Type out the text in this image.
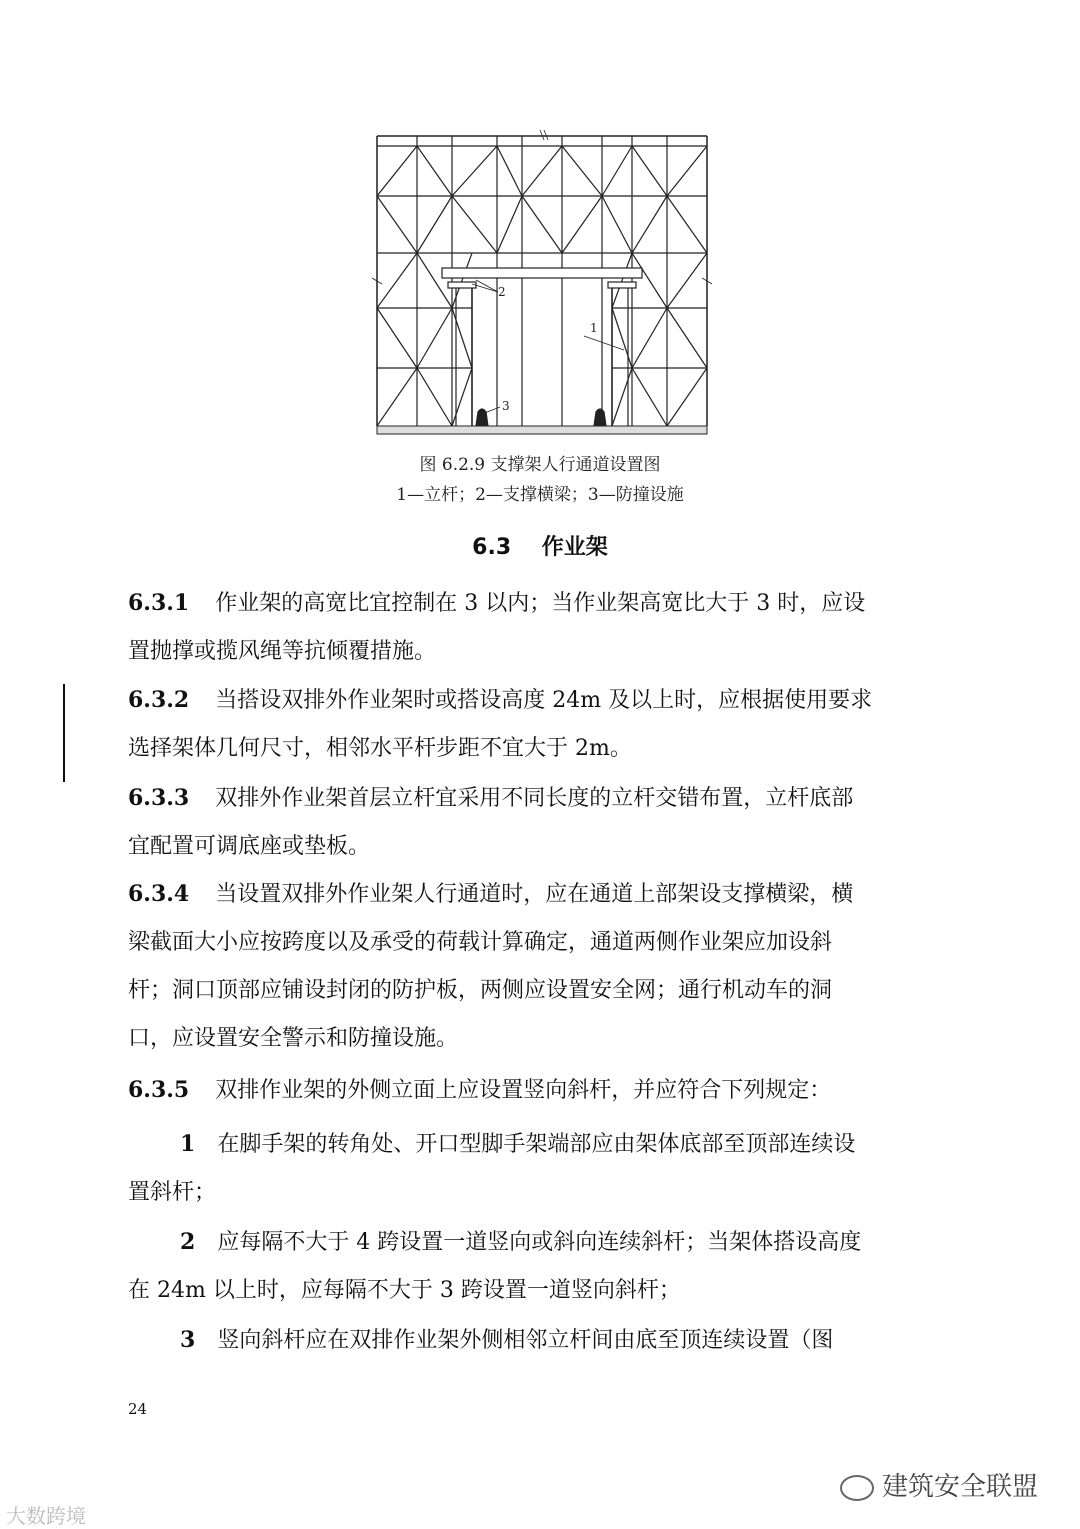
1
2
3
图 6.2.9 支撑架人行通道设置图
1—立杆；2—支撑横梁；3—防撞设施
6.3 作业架
6.3.1 作业架的高宽比宜控制在 3 以内；当作业架高宽比大于 3 时，应设
置抛撑或揽风绳等抗倾覆措施。
6.3.2 当搭设双排外作业架时或搭设高度 24m 及以上时，应根据使用要求
选择架体几何尺寸，相邻水平杆步距不宜大于 2m。
6.3.3 双排外作业架首层立杆宜采用不同长度的立杆交错布置，立杆底部
宜配置可调底座或垫板。
6.3.4 当设置双排外作业架人行通道时，应在通道上部架设支撑横梁，横
梁截面大小应按跨度以及承受的荷载计算确定，通道两侧作业架应加设斜
杆；洞口顶部应铺设封闭的防护板，两侧应设置安全网；通行机动车的洞
口，应设置安全警示和防撞设施。
6.3.5 双排作业架的外侧立面上应设置竖向斜杆，并应符合下列规定：
1 在脚手架的转角处、开口型脚手架端部应由架体底部至顶部连续设
置斜杆；
2 应每隔不大于 4 跨设置一道竖向或斜向连续斜杆；当架体搭设高度
在 24m 以上时，应每隔不大于 3 跨设置一道竖向斜杆；
3 竖向斜杆应在双排作业架外侧相邻立杆间由底至顶连续设置（图
24
大数跨境
建筑安全联盟
